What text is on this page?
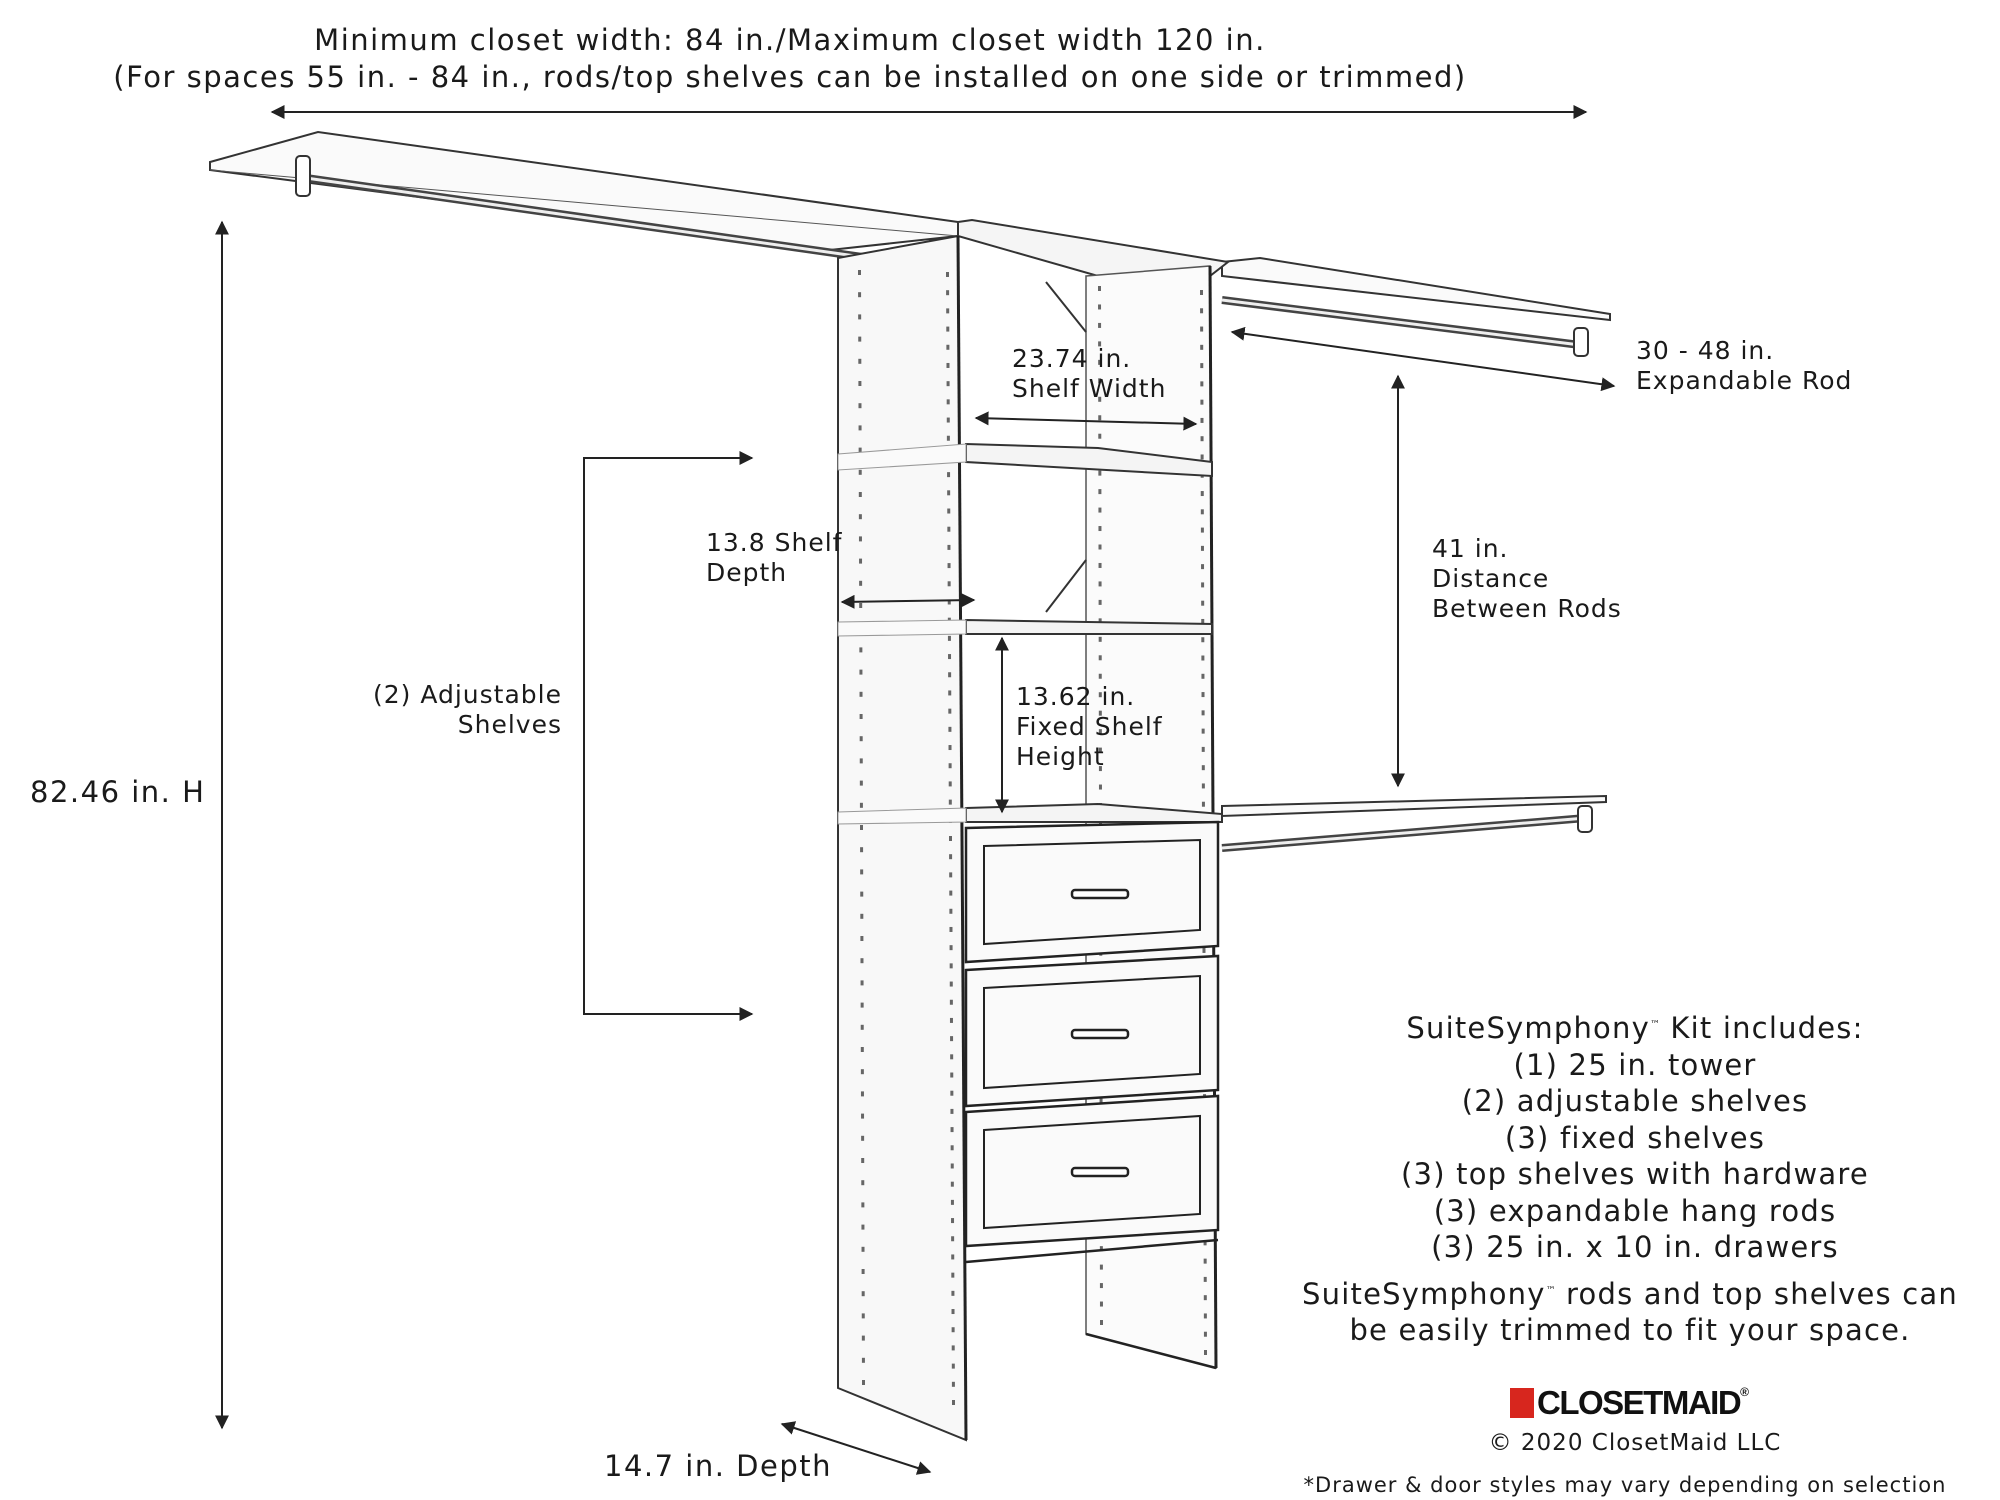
Minimum closet width: 84 in./Maximum closet width 120 in.
(For spaces 55 in. - 84 in., rods/top shelves can be installed on one side or trimmed)
82.46 in. H
14.7 in. Depth
23.74 in.
Shelf Width
13.8 Shelf
Depth
13.62 in.
Fixed Shelf
Height
30 - 48 in.
Expandable Rod
41 in.
Distance
Between Rods
(2) Adjustable
Shelves
SuiteSymphony™ Kit includes:
(1) 25 in. tower
(2) adjustable shelves
(3) fixed shelves
(3) top shelves with hardware
(3) expandable hang rods
(3) 25 in. x 10 in. drawers
SuiteSymphony™ rods and top shelves can
be easily trimmed to fit your space.
CLOSETMAID®
© 2020 ClosetMaid LLC
*Drawer & door styles may vary depending on selection
